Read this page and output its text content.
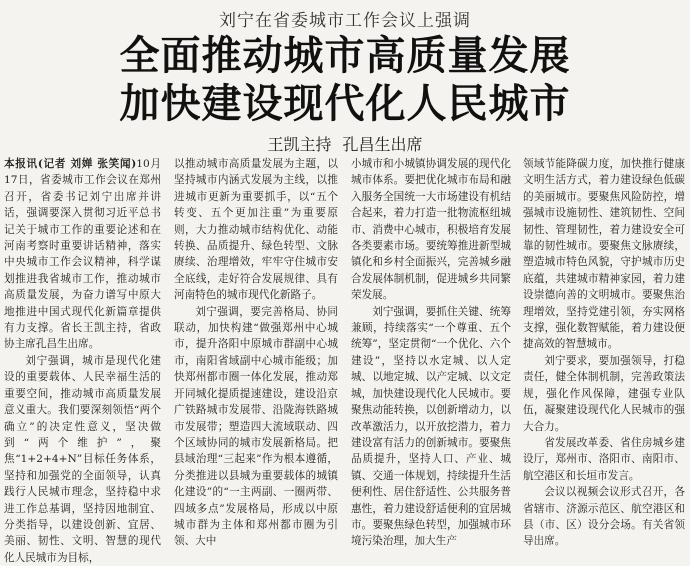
刘宁在省委城市工作会议上强调
全面推动城市高质量发展
加快建设现代化人民城市
王凯主持 孔昌生出席

本报讯(记者 刘婵 张笑闻)10月17日，省委城市工作会议在郑州召开，省委书记刘宁出席并讲话，强调要深入贯彻习近平总书记关于城市工作的重要论述和在河南考察时重要讲话精神，落实中央城市工作会议精神，科学谋划推进我省城市工作，推动城市高质量发展，为奋力谱写中原大地推进中国式现代化新篇章提供有力支撑。省长王凯主持，省政协主席孔昌生出席。

刘宁强调，城市是现代化建设的重要载体、人民幸福生活的重要空间，推动城市高质量发展意义重大。我们要深刻领悟“两个确立”的决定性意义，坚决做到“两个维护”，聚焦“1+2+4+N”目标任务体系，坚持和加强党的全面领导，认真践行人民城市理念，坚持稳中求进工作总基调，坚持因地制宜、分类指导，以建设创新、宜居、美丽、韧性、文明、智慧的现代化人民城市为目标，

以推动城市高质量发展为主题，以坚持城市内涵式发展为主线，以推进城市更新为重要抓手，以“五个转变、五个更加注重”为重要原则，大力推动城市结构优化、动能转换、品质提升、绿色转型、文脉赓续、治理增效，牢牢守住城市安全底线，走好符合发展规律、具有河南特色的城市现代化新路子。

刘宁强调，要完善格局、协同联动，加快构建“做强郑州中心城市，提升洛阳中原城市群副中心城市，南阳省域副中心城市能级；加快郑州都市圈一体化发展，推动郑开同城化提质提速建设，建设沿京广铁路城市发展带、沿陇海铁路城市发展带；塑造四大流域联动、四个区域协同的城市发展新格局。把县域治理“三起来”作为根本遵循，分类推进以县城为重要载体的城镇化建设”的“一主两副、一圈两带、四域多点”发展格局，形成以中原城市群为主体和郑州都市圈为引领、大中

小城市和小城镇协调发展的现代化城市体系。要把优化城市布局和融入服务全国统一大市场建设有机结合起来，着力打造一批物流枢纽城市、消费中心城市，积极培育发展各类要素市场。要统筹推进新型城镇化和乡村全面振兴，完善城乡融合发展体制机制，促进城乡共同繁荣发展。

刘宁强调，要抓住关键、统筹兼顾，持续落实“一个尊重、五个统筹”，坚定贯彻“一个优化、六个建设”，坚持以水定城、以人定城、以地定城、以产定城、以文定城，加快建设现代化人民城市。要聚焦动能转换，以创新增动力，以改革激活力，以开放挖潜力，着力建设富有活力的创新城市。要聚焦品质提升，坚持人口、产业、城镇、交通一体规划，持续提升生活便利性、居住舒适性、公共服务普惠性，着力建设舒适便利的宜居城市。要聚焦绿色转型，加强城市环境污染治理，加大生产

领域节能降碳力度，加快推行健康文明生活方式，着力建设绿色低碳的美丽城市。要聚焦风险防控，增强城市设施韧性、建筑韧性、空间韧性、管理韧性，着力建设安全可靠的韧性城市。要聚焦文脉赓续，塑造城市特色风貌，守护城市历史底蕴，共建城市精神家园，着力建设崇德向善的文明城市。要聚焦治理增效，坚持党建引领，夯实网格支撑，强化数智赋能，着力建设便捷高效的智慧城市。

刘宁要求，要加强领导，打稳责任，健全体制机制，完善政策法规，强化作风保障，建强专业队伍，凝聚建设现代化人民城市的强大合力。

省发展改革委、省住房城乡建设厅，郑州市、洛阳市、南阳市、航空港区和长垣市发言。

会议以视频会议形式召开，各省辖市、济源示范区、航空港区和县（市、区）设分会场。有关省领导出席。
